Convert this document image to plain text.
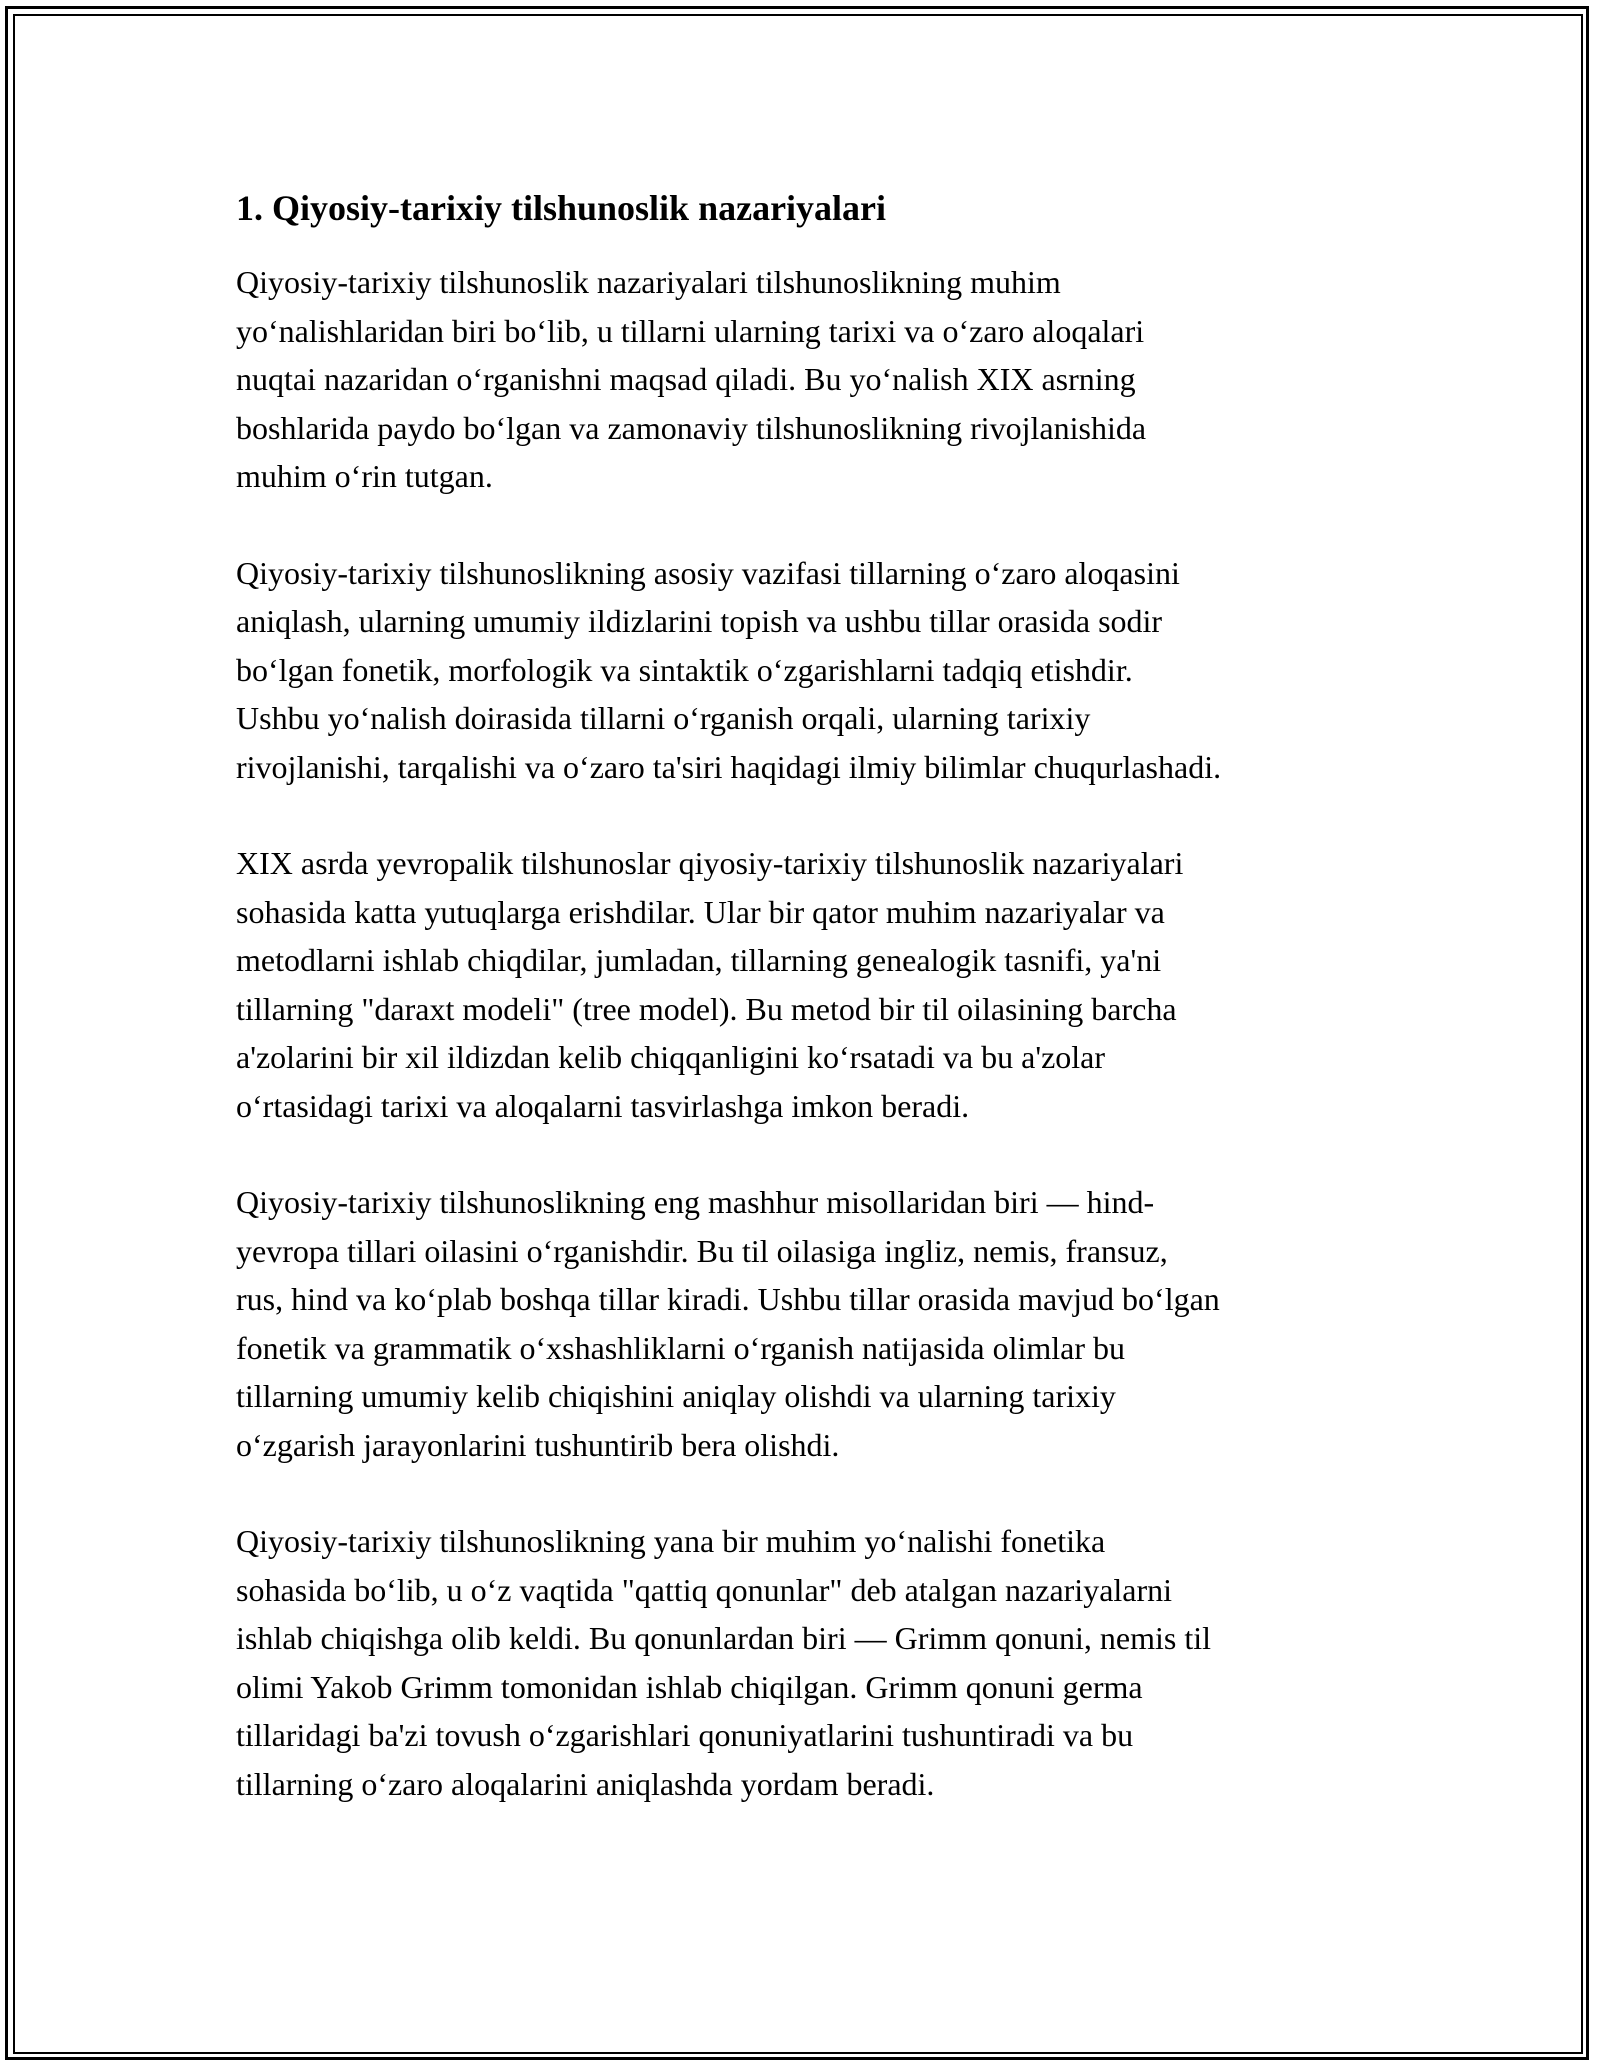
1. Qiyosiy-tarixiy tilshunoslik nazariyalari

Qiyosiy-tarixiy tilshunoslik nazariyalari tilshunoslikning muhim
yo‘nalishlaridan biri bo‘lib, u tillarni ularning tarixi va o‘zaro aloqalari
nuqtai nazaridan o‘rganishni maqsad qiladi. Bu yo‘nalish XIX asrning
boshlarida paydo bo‘lgan va zamonaviy tilshunoslikning rivojlanishida
muhim o‘rin tutgan.

Qiyosiy-tarixiy tilshunoslikning asosiy vazifasi tillarning o‘zaro aloqasini
aniqlash, ularning umumiy ildizlarini topish va ushbu tillar orasida sodir
bo‘lgan fonetik, morfologik va sintaktik o‘zgarishlarni tadqiq etishdir.
Ushbu yo‘nalish doirasida tillarni o‘rganish orqali, ularning tarixiy
rivojlanishi, tarqalishi va o‘zaro ta'siri haqidagi ilmiy bilimlar chuqurlashadi.

XIX asrda yevropalik tilshunoslar qiyosiy-tarixiy tilshunoslik nazariyalari
sohasida katta yutuqlarga erishdilar. Ular bir qator muhim nazariyalar va
metodlarni ishlab chiqdilar, jumladan, tillarning genealogik tasnifi, ya'ni
tillarning "daraxt modeli" (tree model). Bu metod bir til oilasining barcha
a'zolarini bir xil ildizdan kelib chiqqanligini ko‘rsatadi va bu a'zolar
o‘rtasidagi tarixi va aloqalarni tasvirlashga imkon beradi.

Qiyosiy-tarixiy tilshunoslikning eng mashhur misollaridan biri — hind-
yevropa tillari oilasini o‘rganishdir. Bu til oilasiga ingliz, nemis, fransuz,
rus, hind va ko‘plab boshqa tillar kiradi. Ushbu tillar orasida mavjud bo‘lgan
fonetik va grammatik o‘xshashliklarni o‘rganish natijasida olimlar bu
tillarning umumiy kelib chiqishini aniqlay olishdi va ularning tarixiy
o‘zgarish jarayonlarini tushuntirib bera olishdi.

Qiyosiy-tarixiy tilshunoslikning yana bir muhim yo‘nalishi fonetika
sohasida bo‘lib, u o‘z vaqtida "qattiq qonunlar" deb atalgan nazariyalarni
ishlab chiqishga olib keldi. Bu qonunlardan biri — Grimm qonuni, nemis til
olimi Yakob Grimm tomonidan ishlab chiqilgan. Grimm qonuni germa
tillaridagi ba'zi tovush o‘zgarishlari qonuniyatlarini tushuntiradi va bu
tillarning o‘zaro aloqalarini aniqlashda yordam beradi.
